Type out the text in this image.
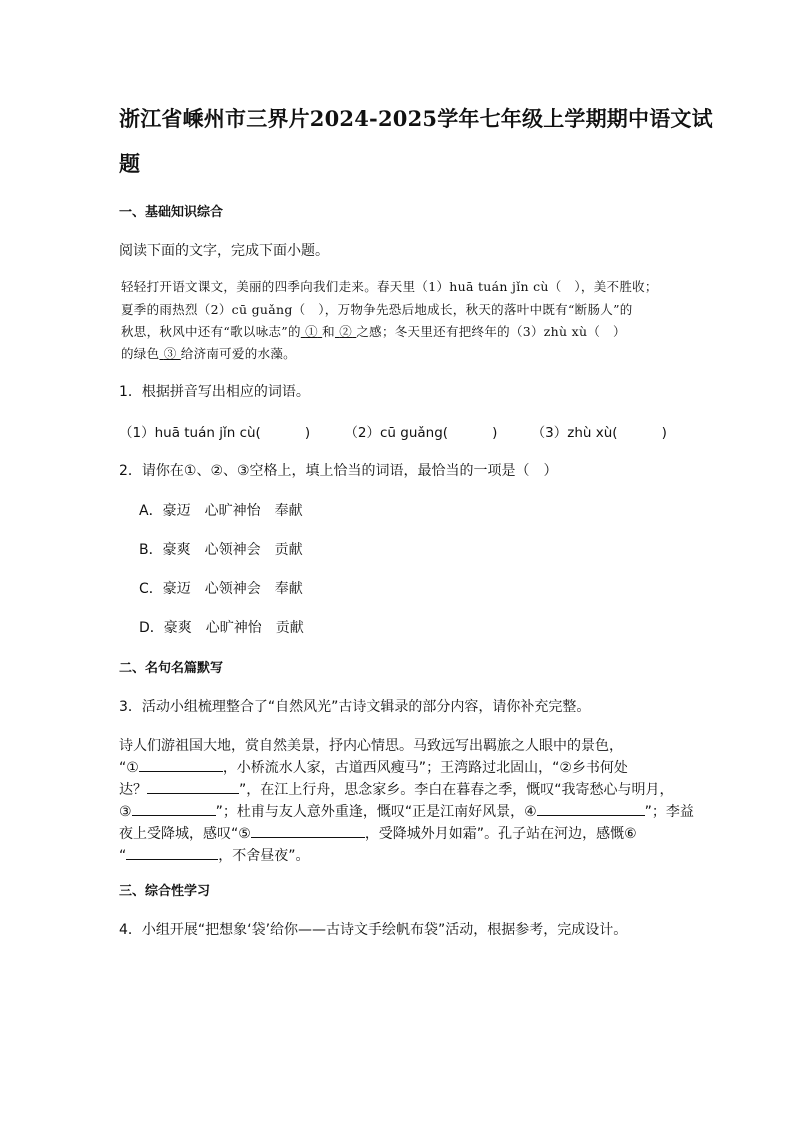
浙江省嵊州市三界片2024-2025学年七年级上学期期中语文试
题
一、基础知识综合
阅读下面的文字，完成下面小题。
轻轻打开语文课文，美丽的四季向我们走来。春天里（1）huā tuán jǐn cù（　），美不胜收；
夏季的雨热烈（2）cū guǎng（　），万物争先恐后地成长，秋天的落叶中既有“断肠人”的
秋思，秋风中还有“歌以咏志”的 ① 和 ② 之感；冬天里还有把终年的（3）zhù xù（　）
的绿色 ③ 给济南可爱的水藻。
1．根据拼音写出相应的词语。
（1）huā tuán jǐn cù(	)	（2）cū guǎng(	)	（3）zhù xù(	)
2．请你在①、②、③空格上，填上恰当的词语，最恰当的一项是（　）
A．豪迈 心旷神怡 奉献
B．豪爽 心领神会 贡献
C．豪迈 心领神会 奉献
D．豪爽 心旷神怡 贡献
二、名句名篇默写
3．活动小组梳理整合了“自然风光”古诗文辑录的部分内容，请你补充完整。
诗人们游祖国大地，赏自然美景，抒内心情思。马致远写出羁旅之人眼中的景色，
“①	，小桥流水人家，古道西风瘦马”；王湾路过北固山，“②乡书何处
达？	”，在江上行舟，思念家乡。李白在暮春之季，慨叹“我寄愁心与明月，
③	”；杜甫与友人意外重逢，慨叹“正是江南好风景，④	”；李益
夜上受降城，感叹“⑤	，受降城外月如霜”。孔子站在河边，感慨⑥
“	，不舍昼夜”。
三、综合性学习
4．小组开展“把想象‘袋’给你——古诗文手绘帆布袋”活动，根据参考，完成设计。
